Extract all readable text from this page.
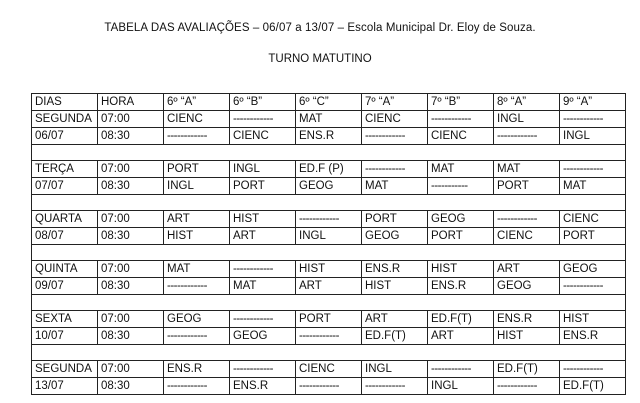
TABELA DAS AVALIAÇÕES – 06/07 a 13/07 – Escola Municipal Dr. Eloy de Souza.
TURNO MATUTINO
DIAS	HORA	6º “A”	6º “B”	6º “C”	7º “A”	7º “B”	8º “A”	9º “A”
SEGUNDA	07:00	CIENC	------------	MAT	CIENC	------------	INGL	------------
06/07	08:30	------------	CIENC	ENS.R	------------	CIENC	------------	INGL

TERÇA	07:00	PORT	INGL	ED.F (P)	------------	MAT	MAT	------------
07/07	08:30	INGL	PORT	GEOG	MAT	-----------	PORT	MAT

QUARTA	07:00	ART	HIST	------------	PORT	GEOG	------------	CIENC
08/07	08:30	HIST	ART	INGL	GEOG	PORT	CIENC	PORT

QUINTA	07:00	MAT	------------	HIST	ENS.R	HIST	ART	GEOG
09/07	08:30	------------	MAT	ART	HIST	ENS.R	GEOG	------------

SEXTA	07:00	GEOG	------------	PORT	ART	ED.F(T)	ENS.R	HIST
10/07	08:30	------------	GEOG	------------	ED.F(T)	ART	HIST	ENS.R

SEGUNDA	07:00	ENS.R	------------	CIENC	INGL	------------	ED.F(T)	------------
13/07	08:30	------------	ENS.R	------------	------------	INGL	------------	ED.F(T)
